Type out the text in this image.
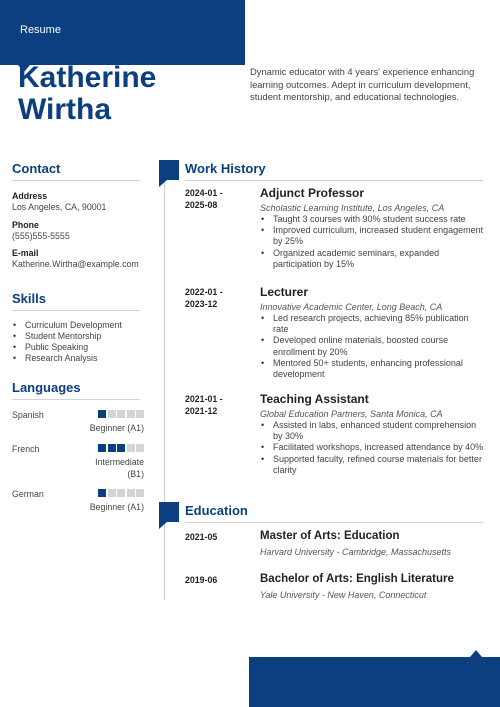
Resume
Katherine
Wirtha

Dynamic educator with 4 years' experience enhancing learning outcomes. Adept in curriculum development, student mentorship, and educational technologies.

Contact
Address
Los Angeles, CA, 90001
Phone
(555)555-5555
E-mail
Katherine.Wirtha@example.com
Skills
• Curriculum Development
• Student Mentorship
• Public Speaking
• Research Analysis
Languages
Spanish
Beginner (A1)
French
Intermediate (B1)
German
Beginner (A1)
Work History
2024-01 -
2025-08
Adjunct Professor
Scholastic Learning Institute, Los Angeles, CA
• Taught 3 courses with 90% student success rate
• Improved curriculum, increased student engagement by 25%
• Organized academic seminars, expanded participation by 15%
2022-01 -
2023-12
Lecturer
Innovative Academic Center, Long Beach, CA
• Led research projects, achieving 85% publication rate
• Developed online materials, boosted course enrollment by 20%
• Mentored 50+ students, enhancing professional development
2021-01 -
2021-12
Teaching Assistant
Global Education Partners, Santa Monica, CA
• Assisted in labs, enhanced student comprehension by 30%
• Facilitated workshops, increased attendance by 40%
• Supported faculty, refined course materials for better clarity
Education
2021-05	Master of Arts: Education
Harvard University - Cambridge, Massachusetts
2019-06	Bachelor of Arts: English Literature
Yale University - New Haven, Connecticut
